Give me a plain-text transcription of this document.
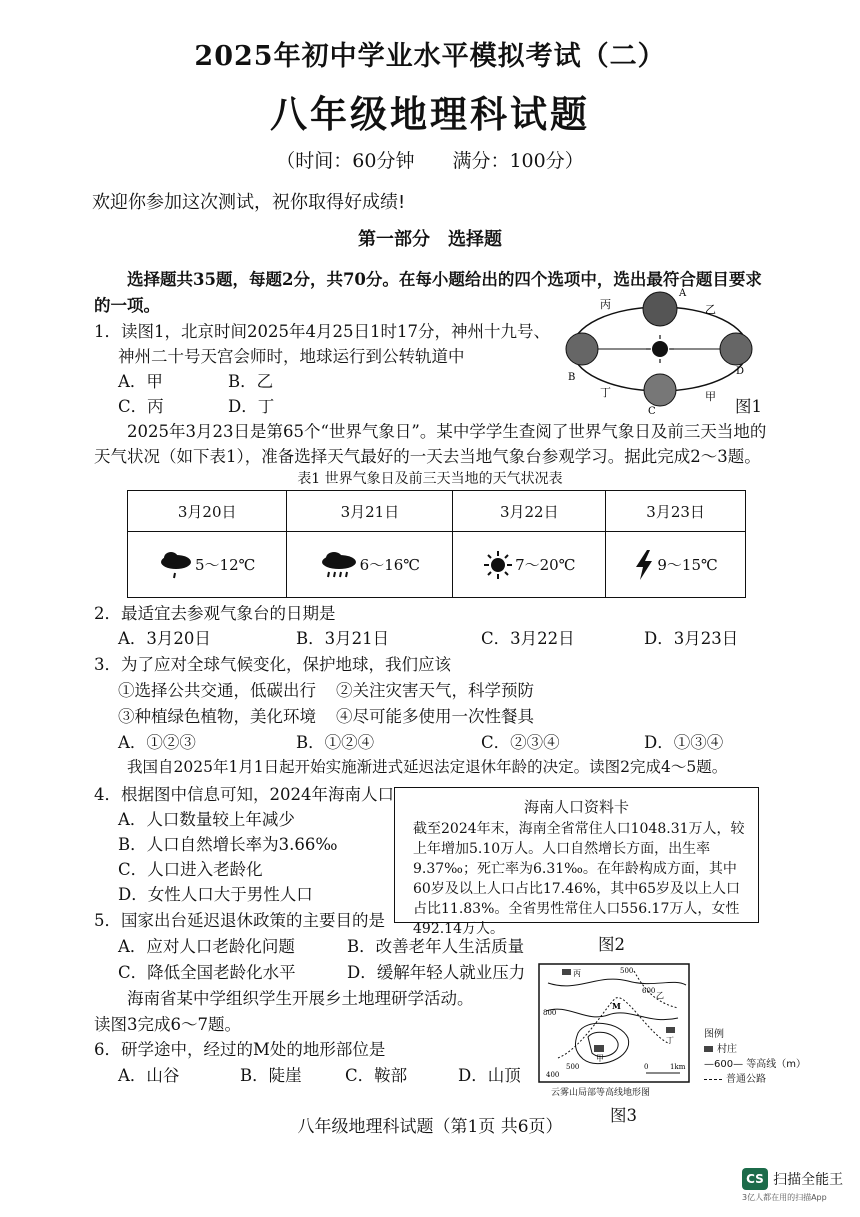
2025年初中学业水平模拟考试（二）
八年级地理科试题
（时间：60分钟　　满分：100分）
欢迎你参加这次测试，祝你取得好成绩!
第一部分　选择题
选择题共35题，每题2分，共70分。在每小题给出的四个选项中，选出最符合题目要求
的一项。
1．读图1，北京时间2025年4月25日1时17分，神州十九号、
神州二十号天宫会师时，地球运行到公转轨道中
A．甲	B．乙
C．丙	D．丁
丙	乙
丁	甲
A
B
C
D
图1
2025年3月23日是第65个“世界气象日”。某中学学生查阅了世界气象日及前三天当地的
天气状况（如下表1），准备选择天气最好的一天去当地气象台参观学习。据此完成2～3题。
表1 世界气象日及前三天当地的天气状况表
3月20日	3月21日	3月22日	3月23日

5～12℃	6～16℃	7～20℃	9～15℃
2．最适宜去参观气象台的日期是
A．3月20日	B．3月21日	C．3月22日	D．3月23日
3．为了应对全球气候变化，保护地球，我们应该
①选择公共交通，低碳出行 ②关注灾害天气，科学预防
③种植绿色植物，美化环境 ④尽可能多使用一次性餐具
A．①②③	B．①②④	C．②③④	D．①③④
我国自2025年1月1日起开始实施渐进式延迟法定退休年龄的决定。读图2完成4～5题。
4．根据图中信息可知，2024年海南人口
A．人口数量较上年减少
B．人口自然增长率为3.66‰
C．人口进入老龄化
D．女性人口大于男性人口
海南人口资料卡
截至2024年末，海南全省常住人口1048.31万人，较上年增加5.10万人。人口自然增长方面，出生率9.37‰；死亡率为6.31‰。在年龄构成方面，其中60岁及以上人口占比17.46%，其中65岁及以上人口占比11.83%。全省男性常住人口556.17万人，女性492.14万人。
5．国家出台延迟退休政策的主要目的是
图2
A．应对人口老龄化问题	B．改善老年人生活质量
C．降低全国老龄化水平	D．缓解年轻人就业压力
海南省某中学组织学生开展乡土地理研学活动。
读图3完成6～7题。
6．研学途中，经过的M处的地形部位是
A．山谷	B．陡崖	C．鞍部	D．山顶
丙	500
800
600
M
乙
丁
甲
500
400
0	1km
云雾山局部等高线地形图
图例
村庄
—600— 等高线（m）
普通公路
图3
八年级地理科试题（第1页 共6页）
CS 扫描全能王
3亿人都在用的扫描App
